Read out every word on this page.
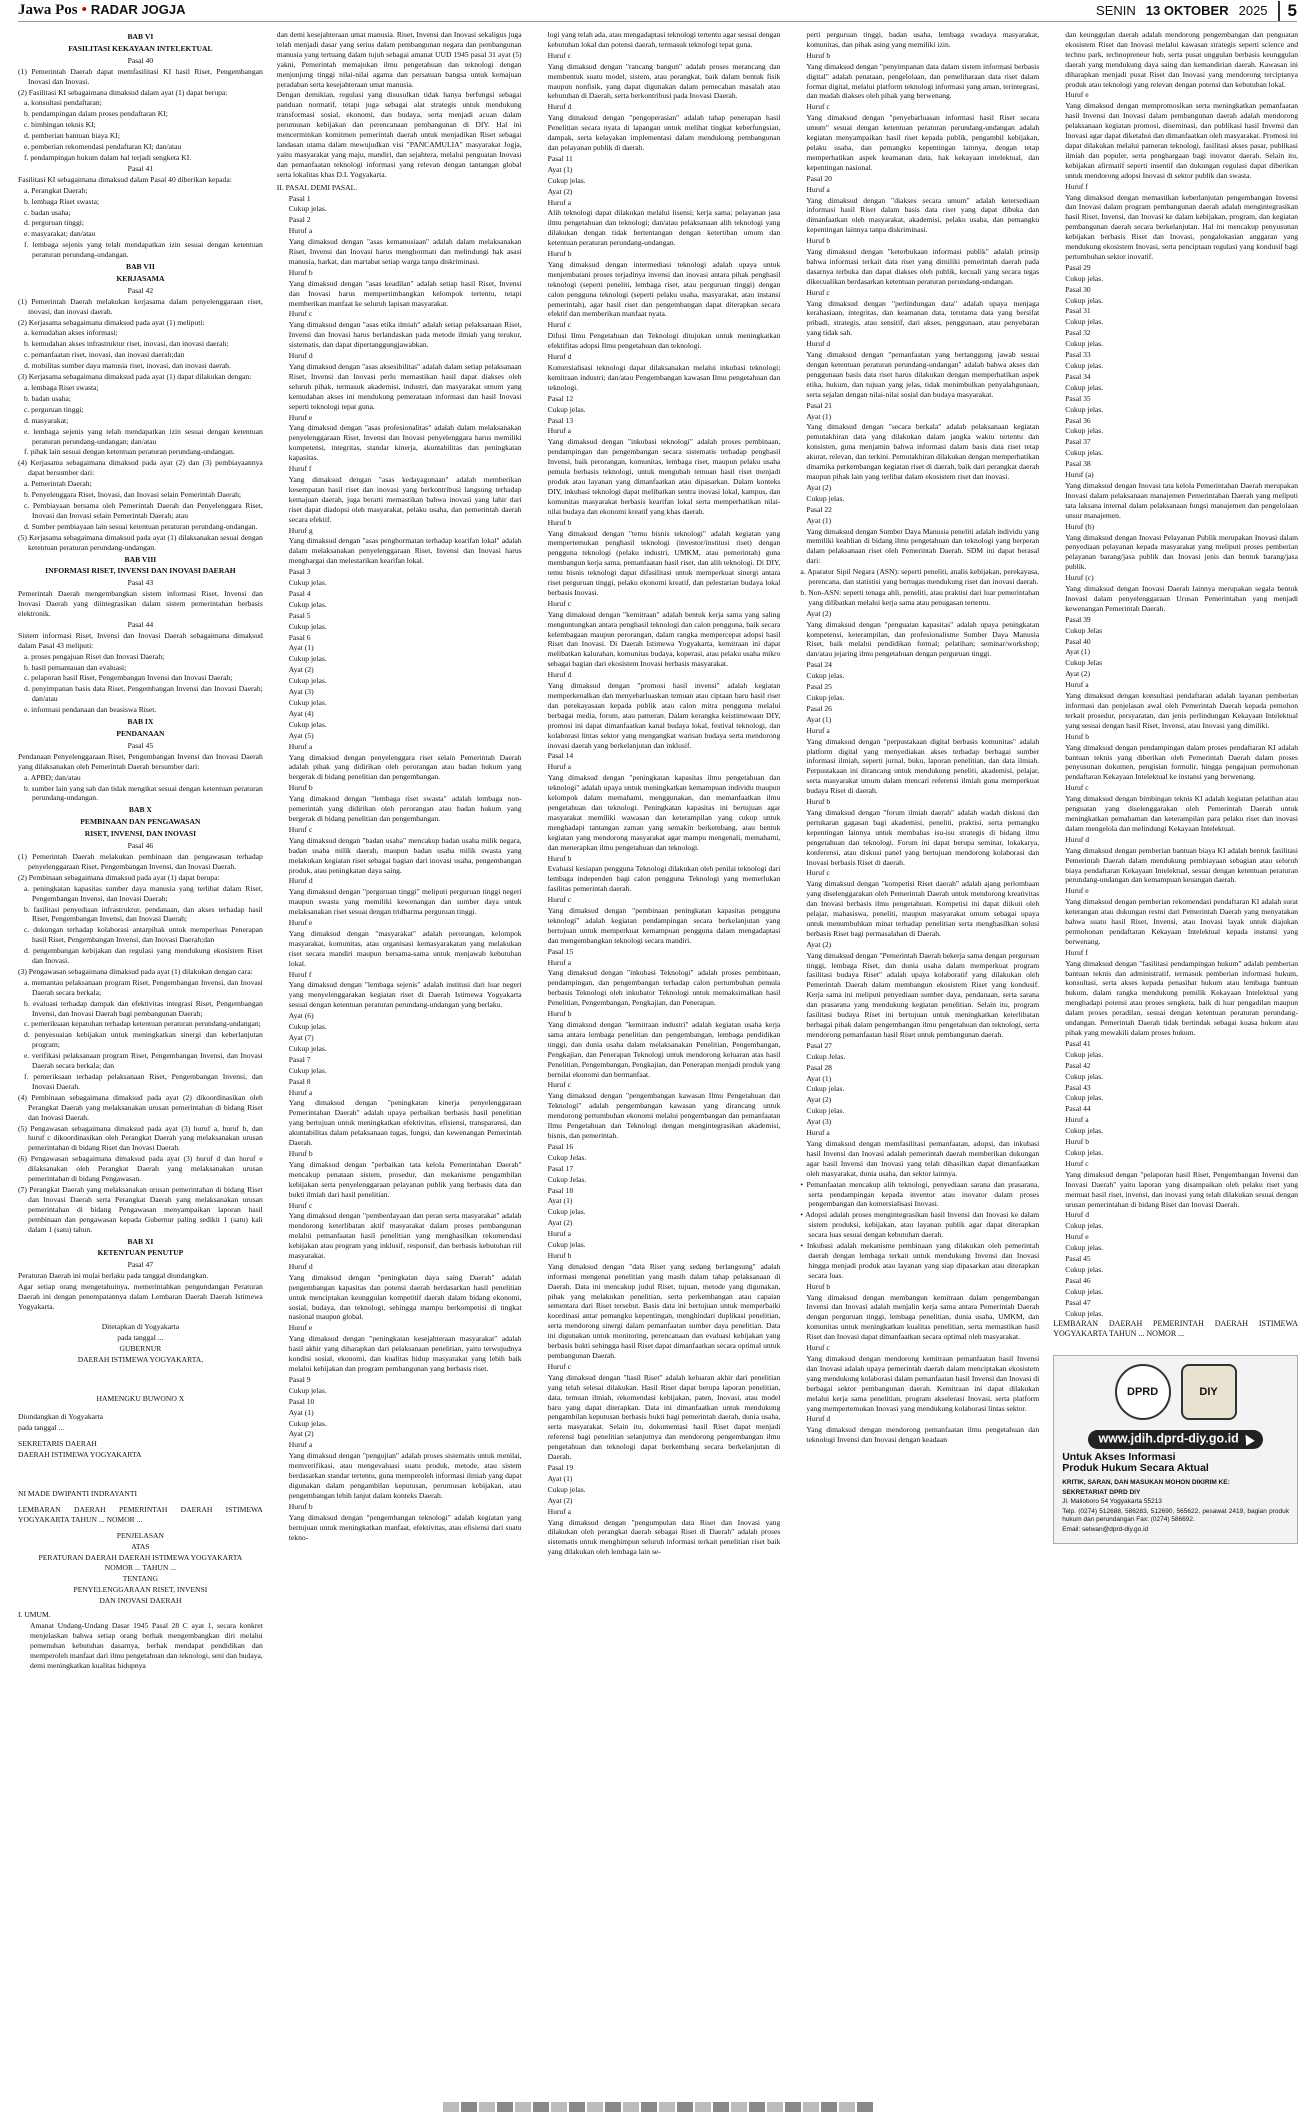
Jawa Pos • RADAR JOGJA	SENIN 13 OKTOBER 2025	5

BAB VI

FASILITASI KEKAYAAN INTELEKTUAL

Pasal 40

(1) Pemerintah Daerah dapat memfasilitasi KI hasil Riset, Pengembangan Inovasi dan Inovasi.

(2) Fasilitasi KI sebagaimana dimaksud dalam ayat (1) dapat berupa:

a. konsultasi pendaftaran;

b. pendampingan dalam proses pendaftaran KI;

c. bimbingan teknis KI;

d. pemberian bantuan biaya KI;

e. pemberian rekomendasi pendaftaran KI; dan/atau

f. pendampingan hukum dalam hal terjadi sengketa KI.

Pasal 41

Fasilitasi KI sebagaimana dimaksud dalam Pasal 40 diberikan kepada:

a. Perangkat Daerah;

b. lembaga Riset swasta;

c. badan usaha;

d. perguruan tinggi;

e. masyarakat; dan/atau

f. lembaga sejenis yang telah mendapatkan izin sesuai dengan ketentuan peraturan perundang-undangan.

BAB VII

KERJASAMA

Pasal 42

(1) Pemerintah Daerah melakukan kerjasama dalam penyelenggaraan riset, inovasi, dan inovasi daerah.

(2) Kerjasama sebagaimana dimaksud pada ayat (1) meliputi:

a. kemudahan akses informasi;

b. kemudahan akses infrastruktur riset, inovasi, dan inovasi daerah;

c. pemanfaatan riset, inovasi, dan inovasi daerah;dan

d. mobilitas sumber daya manusia riset, inovasi, dan inovasi daerah.

(3) Kerjasama sebagaimana dimaksud pada ayat (1) dapat dilakukan dengan:

a. lembaga Riset swasta;

b. badan usaha;

c. perguruan tinggi;

d. masyarakat;

e. lembaga sejenis yang telah mendapatkan izin sesuai dengan ketentuan peraturan perundang-undangan; dan/atau

f. pihak lain sesuai dengan ketentuan peraturan perundang-undangan.

(4) Kerjasama sebagaimana dimaksud pada ayat (2) dan (3) pembiayaannya dapat bersumber dari:

a. Pemerintah Daerah;

b. Penyelenggara Riset, Inovasi, dan Inovasi selain Pemerintah Daerah;

c. Pembiayaan bersama oleh Pemerintah Daerah dan Penyelenggara Riset, Inovasi dan Inovasi selain Pemerintah Daerah; atau

d. Sumber pembiayaan lain sesuai ketentuan peraturan perundang-undangan.

(5) Kerjasama sebagaimana dimaksud pada ayat (1) dilaksanakan sesuai dengan ketentuan peraturan perundang-undangan.

BAB VIII

INFORMASI RISET, INVENSI DAN INOVASI DAERAH

Pasal 43

Pemerintah Daerah mengembangkan sistem informasi Riset, Invensi dan Inovasi Daerah yang diintegrasikan dalam sistem pemerintahan berbasis elektronik.

Pasal 44

Sistem informasi Riset, Invensi dan Inovasi Daerah sebagaimana dimaksud dalam Pasal 43 meliputi:

a. proses pengajuan Riset dan Inovasi Daerah;

b. hasil pemantauan dan evaluasi;

c. pelaporan hasil Riset, Pengembangan Invensi dan Inovasi Daerah;

d. penyimpanan basis data Riset, Pengembangan Invensi dan Inovasi Daerah; dan/atau

e. informasi pendanaan dan beasiswa Riset.

BAB IX

PENDANAAN

Pasal 45

Pendanaan Penyelenggaraan Riset, Pengembangan Invensi dan Inovasi Daerah yang dilaksanakan oleh Pemerintah Daerah bersumber dari:

a. APBD; dan/atau

b. sumber lain yang sah dan tidak mengikat sesuai dengan ketentuan peraturan perundang-undangan.

BAB X

PEMBINAAN DAN PENGAWASAN

RISET, INVENSI, DAN INOVASI

Pasal 46

(1) Pemerintah Daerah melakukan pembinaan dan pengawasan terhadap penyelenggaraan Riset, Pengembangan Invensi, dan Inovasi Daerah.

(2) Pembinaan sebagaimana dimaksud pada ayat (1) dapat berupa:

a. peningkatan kapasitas sumber daya manusia yang terlibat dalam Riset, Pengembangan Invensi, dan Inovasi Daerah;

b. fasilitasi penyediaan infrastruktur, pendanaan, dan akses terhadap hasil Riset, Pengembangan Invensi, dan Inovasi Daerah;

c. dukungan terhadap kolaborasi antarpihak untuk memperluas Penerapan hasil Riset, Pengembangan Invensi, dan Inovasi Daerah;dan

d. pengembangan kebijakan dan regulasi yang mendukung ekosistem Riset dan Inovasi.

(3) Pengawasan sebagaimana dimaksud pada ayat (1) dilakukan dengan cara:

a. memantau pelaksanaan program Riset, Pengembangan Invensi, dan Inovasi Daerah secara berkala;

b. evaluasi terhadap dampak dan efektivitas integrasi Riset, Pengembangan Invensi, dan Inovasi Daerah bagi pembangunan Daerah;

c. pemeriksaan kepatuhan terhadap ketentuan peraturan perundang-undangan;

d. penyesuaian kebijakan untuk meningkatkan sinergi dan keberlanjutan program;

e. verifikasi pelaksanaan program Riset, Pengembangan Invensi, dan Inovasi Daerah secara berkala; dan

f. pemeriksaan terhadap pelaksanaan Riset, Pengembangan Invensi, dan Inovasi Daerah.

(4) Pembinaan sebagaimana dimaksud pada ayat (2) dikoordinasikan oleh Perangkat Daerah yang melaksanakan urusan pemerintahan di bidang Riset dan Inovasi Daerah.

(5) Pengawasan sebagaimana dimaksud pada ayat (3) huruf a, huruf b, dan huruf c dikoordinasikan oleh Perangkat Daerah yang melaksanakan urusan pemerintahan di bidang Riset dan Inovasi Daerah.

(6) Pengawasan sebagaimana dimaksud pada ayat (3) huruf d dan huruf e dilaksanakan oleh Perangkat Daerah yang melaksanakan urusan pemerintahan di bidang Pengawasan.

(7) Perangkat Daerah yang melaksanakan urusan pemerintahan di bidang Riset dan Inovasi Daerah serta Perangkat Daerah yang melaksanakan urusan pemerintahan di bidang Pengawasan menyampaikan laporan hasil pembinaan dan pengawasan kepada Gubernur paling sedikit 1 (satu) kali dalam 1 (satu) tahun.

BAB XI

KETENTUAN PENUTUP

Pasal 47

Peraturan Daerah ini mulai berlaku pada tanggal diundangkan.

Agar setiap orang mengetahuinya, memerintahkan pengundangan Peraturan Daerah ini dengan penempatannya dalam Lembaran Daerah Daerah Istimewa Yogyakarta.

Ditetapkan di Yogyakarta

pada tanggal ...

GUBERNUR

DAERAH ISTIMEWA YOGYAKARTA,

HAMENGKU BUWONO X

Diundangkan di Yogyakarta

pada tanggal ...

SEKRETARIS DAERAH

DAERAH ISTIMEWA YOGYAKARTA

NI MADE DWIPANTI INDRAYANTI

LEMBARAN DAERAH PEMERINTAH DAERAH ISTIMEWA YOGYAKARTA TAHUN ... NOMOR ...

PENJELASAN

ATAS

PERATURAN DAERAH DAERAH ISTIMEWA YOGYAKARTA

NOMOR ... TAHUN ...

TENTANG

PENYELENGGARAAN RISET, INVENSI

DAN INOVASI DAERAH

I. UMUM.

Amanat Undang-Undang Dasar 1945 Pasal 28 C ayat 1, secara konkret menjelaskan bahwa setiap orang berhak mengembangkan diri melalui pemenuhan kebutuhan dasarnya, berhak mendapat pendidikan dan memperoleh manfaat dari ilmu pengetahuan dan teknologi, seni dan budaya, demi meningkatkan kualitas hidupnya

dan demi kesejahteraan umat manusia. Riset, Invensi dan Inovasi sekaligus juga telah menjadi dasar yang serius dalam pembangunan negara dan pembangunan manusia yang tertuang dalam tujuh sebagai amanat UUD 1945 pasal 31 ayat (5) yakni, Pemerintah memajukan ilmu pengetahuan dan teknologi dengan menjunjung tinggi nilai-nilai agama dan persatuan bangsa untuk kemajuan peradaban serta kesejahteraan umat manusia.

Dengan demikian, regulasi yang disusulkan tidak hanya berfungsi sebagai panduan normatif, tetapi juga sebagai alat strategis untuk mendukung transformasi sosial, ekonomi, dan budaya, serta menjadi acuan dalam perumusan kebijakan dan perencanaan pembangunan di DIY. Hal ini mencerminkan komitmen pemerintah daerah untuk menjadikan Riset sebagai landasan utama dalam mewujudkan visi "PANCAMULIA" masyarakat Jogja, yaitu masyarakat yang maju, mandiri, dan sejahtera, melalui penguatan Inovasi dan pemanfaatan teknologi informasi yang relevan dengan tantangan global serta lokalitas khas D.I. Yogyakarta.

II. PASAL DEMI PASAL.

Pasal 1

Cukup jelas.

Pasal 2

Huruf a

Yang dimaksud dengan "asas kemanusiaan" adalah dalam melaksanakan Riset, Invensi dan Inovasi harus menghormati dan melindungi hak asasi manusia, harkat, dan martabat setiap warga tanpa diskriminasi.

Huruf b

Yang dimaksud dengan "asas keadilan" adalah setiap hasil Riset, Invensi dan Inovasi harus mempertimbangkan kelompok tertentu, tetapi memberikan manfaat ke seluruh lapisan masyarakat.

Huruf c

Yang dimaksud dengan "asas etika ilmiah" adalah setiap pelaksanaan Riset, Invensi dan Inovasi harus berlandaskan pada metode ilmiah yang terukur, sistematis, dan dapat dipertanggungjawabkan.

Huruf d

Yang dimaksud dengan "asas aksesibilitas" adalah dalam setiap pelaksanaan Riset, Invensi dan Inovasi perlu memastikan hasil dapat diakses oleh seluruh pihak, termasuk akademisi, industri, dan masyarakat umum yang kemudahan akses ini mendukung pemerataan informasi dan hasil Inovasi seperti teknologi tepat guna.

Huruf e

Yang dimaksud dengan "asas profesionalitas" adalah dalam melaksanakan penyelenggaraan Riset, Invensi dan Inovasi penyelenggara harus memiliki kompetensi, integritas, standar kinerja, akuntabilitas dan peningkatan kapasitas.

Huruf f

Yang dimaksud dengan "asas kedayagunaan" adalah memberikan kesempatan hasil riset dan inovasi yang berkontribusi langsung terhadap kemajuan daerah, juga berarti memastikan bahwa inovasi yang lahir dari riset dapat diadopsi oleh masyarakat, pelaku usaha, dan pemerintah daerah secara efektif.

Huruf g

Yang dimaksud dengan "asas penghormatan terhadap kearifan lokal" adalah dalam melaksanakan penyelenggaraan Riset, Invensi dan Inovasi harus menghargai dan melestarikan kearifan lokal.

Pasal 3

Cukup jelas.

Pasal 4

Cukup jelas.

Pasal 5

Cukup jelas.

Pasal 6

Ayat (1)

Cukup jelas.

Ayat (2)

Cukup jelas.

Ayat (3)

Cukup jelas.

Ayat (4)

Cukup jelas.

Ayat (5)

Huruf a

Yang dimaksud dengan penyelenggara riset selain Pemerintah Daerah adalah pihak yang didirikan oleh perorangan atau badan hukum yang bergerak di bidang penelitian dan pengembangan.

Huruf b

Yang dimaksud dengan "lembaga riset swasta" adalah lembaga non-pemerintah yang didirikan oleh perorangan atau badan hukum yang bergerak di bidang penelitian dan pengembangan.

Huruf c

Yang dimaksud dengan "badan usaha" mencakup badan usaha milik negara, badan usaha milik daerah, maupun badan usaha milik swasta yang melakukan kegiatan riset sebagai bagian dari inovasi usaha, pengembangan produk, atau peningkatan daya saing.

Huruf d

Yang dimaksud dengan "perguruan tinggi" meliputi perguruan tinggi negeri maupun swasta yang memiliki kewenangan dan sumber daya untuk melaksanakan riset sesuai dengan tridharma perguruan tinggi.

Huruf e

Yang dimaksud dengan "masyarakat" adalah perorangan, kelompok masyarakat, komunitas, atau organisasi kemasyarakatan yang melakukan riset secara mandiri maupun bersama-sama untuk menjawab kebutuhan lokal.

Huruf f

Yang dimaksud dengan "lembaga sejenis" adalah institusi dari luar negeri yang menyelenggarakan kegiatan riset di Daerah Istimewa Yogyakarta sesuai dengan ketentuan peraturan perundang-undangan yang berlaku.

Ayat (6)

Cukup jelas.

Ayat (7)

Cukup jelas.

Pasal 7

Cukup jelas.

Pasal 8

Huruf a

Yang dimaksud dengan "peningkatan kinerja penyelenggaraan Pemerintahan Daerah" adalah upaya perbaikan berbasis hasil penelitian yang bertujuan untuk meningkatkan efektivitas, efisiensi, transparansi, dan akuntabilitas dalam pelaksanaan tugas, fungsi, dan kewenangan Pemerintah Daerah.

Huruf b

Yang dimaksud dengan "perbaikan tata kelola Pemerintahan Daerah" mencakup penataan sistem, prosedur, dan mekanisme pengambilan kebijakan serta penyelenggaraan pelayanan publik yang berbasis data dan bukti ilmiah dari hasil penelitian.

Huruf c

Yang dimaksud dengan "pemberdayaan dan peran serta masyarakat" adalah mendorong keterlibatan aktif masyarakat dalam proses pembangunan melalui pemanfaatan hasil penelitian yang menghasilkan rekomendasi kebijakan atau program yang inklusif, responsif, dan berbasis kebutuhan riil masyarakat.

Huruf d

Yang dimaksud dengan "peningkatan daya saing Daerah" adalah pengembangan kapasitas dan potensi daerah berdasarkan hasil penelitian untuk menciptakan keunggulan kompetitif daerah dalam bidang ekonomi, sosial, budaya, dan teknologi, sehingga mampu berkompetisi di tingkat nasional maupun global.

Huruf e

Yang dimaksud dengan "peningkatan kesejahteraan masyarakat" adalah hasil akhir yang diharapkan dari pelaksanaan penelitian, yaitu terwujudnya kondisi sosial, ekonomi, dan kualitas hidup masyarakat yang lebih baik melalui kebijakan dan program pembangunan yang berbasis riset.

Pasal 9

Cukup jelas.

Pasal 10

Ayat (1)

Cukup jelas.

Ayat (2)

Huruf a

Yang dimaksud dengan "pengujian" adalah proses sistematis untuk menilai, memverifikasi, atau mengevaluasi suatu produk, metode, atau sistem berdasarkan standar tertentu, guna memperoleh informasi ilmiah yang dapat digunakan dalam pengambilan keputusan, perumusan kebijakan, atau pengembangan lebih lanjut dalam konteks Daerah.

Huruf b

Yang dimaksud dengan "pengembangan teknologi" adalah kegiatan yang bertujuan untuk meningkatkan manfaat, efektivitas, atau efisiensi dari suatu tekno-

logi yang telah ada, atau mengadaptasi teknologi tertentu agar sesuai dengan kebutuhan lokal dan potensi daerah, termasuk teknologi tepat guna.

Huruf c

Yang dimaksud dengan "rancang bangun" adalah proses merancang dan membentuk suatu model, sistem, atau perangkat, baik dalam bentuk fisik maupun nonfisik, yang dapat digunakan dalam pemecahan masalah atau kebutuhan di Daerah, serta berkontribusi pada Inovasi Daerah.

Huruf d

Yang dimaksud dengan "pengoperasian" adalah tahap penerapan hasil Penelitian secara nyata di lapangan untuk melihat tingkat keberfungsian, dampak, serta kelayakan implementasi dalam mendukung pembangunan dan pelayanan publik di daerah.

Pasal 11

Ayat (1)

Cukup jelas.

Ayat (2)

Huruf a

Alih teknologi dapat dilakukan melalui lisensi; kerja sama; pelayanan jasa ilmu pengetahuan dan teknologi; dan/atau pelaksanaan alih teknologi yang dilakukan dengan tidak bertentangan dengan ketertiban umum dan ketentuan peraturan perundang-undangan.

Huruf b

Yang dimaksud dengan intermediasi teknologi adalah upaya untuk menjembatani proses terjadinya invensi dan inovasi antara pihak penghasil teknologi (seperti peneliti, lembaga riset, atau perguruan tinggi) dengan calon pengguna teknologi (seperti pelaku usaha, masyarakat, atau instansi pemerintah), agar hasil riset dan pengembangan dapat diterapkan secara efektif dan memberikan manfaat nyata.

Huruf c

Difusi Ilmu Pengetahuan dan Teknologi ditujukan untuk meningkatkan efektifitas adopsi Ilmu pengetahuan dan teknologi.

Huruf d

Komersialisasi teknologi dapat dilaksanakan melalui inkubasi teknologi; kemitraan industri; dan/atau Pengembangan kawasan Ilmu pengetahuan dan teknologi.

Pasal 12

Cukup jelas.

Pasal 13

Huruf a

Yang dimaksud dengan "inkubasi teknologi" adalah proses pembinaan, pendampingan dan pengembangan secara sistematis terhadap penghasil Invensi, baik perorangan, komunitas, lembaga riset, maupun pelaku usaha pemula berbasis teknologi, untuk mengubah temuan hasil riset menjadi produk atau layanan yang dimanfaatkan atau dipasarkan. Dalam konteks DIY, inkubasi teknologi dapat melibatkan sentra inovasi lokal, kampus, dan komunitas masyarakat berbasis kearifan lokal serta memperhatikan nilai-nilai budaya dan ekonomi kreatif yang khas daerah.

Huruf b

Yang dimaksud dengan "temu bisnis teknologi" adalah kegiatan yang mempertemukan penghasil teknologi (investor/institusi riset) dengan pengguna teknologi (pelaku industri, UMKM, atau pemerintah) guna membangun kerja sama, pemanfaatan hasil riset, dan alih teknologi. Di DIY, temu bisnis teknologi dapat difasilitasi untuk memperkuat sinergi antara riset perguruan tinggi, pelaku ekonomi kreatif, dan pelestarian budaya lokal berbasis Inovasi.

Huruf c

Yang dimaksud dengan "kemitraan" adalah bentuk kerja sama yang saling menguntungkan antara penghasil teknologi dan calon pengguna, baik secara kelembagaan maupun perorangan, dalam rangka mempercepat adopsi hasil Riset dan Inovasi. Di Daerah Istimewa Yogyakarta, kemitraan ini dapat melibatkan kalurahan, komunitas budaya, koperasi, atau pelaku usaha mikro sebagai bagian dari ekosistem Inovasi berbasis masyarakat.

Huruf d

Yang dimaksud dengan "promosi hasil invensi" adalah kegiatan memperkenalkan dan menyebarluaskan temuan atau ciptaan baru hasil riset dan perekayasaan kepada publik atau calon mitra pengguna melalui berbagai media, forum, atau pameran. Dalam kerangka keistimewaan DIY, promosi ini dapat dimanfaatkan kanal budaya lokal, festival teknologi, dan kolaborasi lintas sektor yang mengangkat warisan budaya serta mendorong inovasi daerah yang berkelanjutan dan inklusif.

Pasal 14

Huruf a

Yang dimaksud dengan "peningkatan kapasitas ilmu pengetahuan dan teknologi" adalah upaya untuk meningkatkan kemampuan individu maupun kelompok dalam memahami, menggunakan, dan memanfaatkan ilmu pengetahuan dan teknologi. Peningkatan kapasitas ini bertujuan agar masyarakat memiliki wawasan dan keterampilan yang cukup untuk menghadapi tantangan zaman yang semakin berkembang, atau bentuk kegiatan yang mendorong masyarakat agar mampu mengenali, memahami, dan menerapkan ilmu pengetahuan dan teknologi.

Huruf b

Evaluasi kesiapan pengguna Teknologi dilakukan oleh penilai teknologi dari lembaga independen bagi calon pengguna Teknologi yang memerlukan fasilitas pemerintah daerah.

Huruf c

Yang dimaksud dengan "pembinaan peningkatan kapasitas pengguna teknologi" adalah kegiatan pendampingan secara berkelanjutan yang bertujuan untuk memperkuat kemampuan pengguna dalam mengadaptasi dan mengembangkan teknologi secara mandiri.

Pasal 15

Huruf a

Yang dimaksud dengan "inkubasi Teknologi" adalah proses pembinaan, pendampingan, dan pengembangan terhadap calon pertumbuhan pemula berbasis Teknologi oleh inkubator Teknologi untuk memaksimalkan hasil Penelitian, Pengembangan, Pengkajian, dan Penerapan.

Huruf b

Yang dimaksud dengan "kemitraan industri" adalah kegiatan usaha kerja sama antara lembaga penelitian dan pengembangan, lembaga pendidikan tinggi, dan dunia usaha dalam melaksanakan Penelitian, Pengembangan, Pengkajian, dan Penerapan Teknologi untuk mendorong keluaran atas hasil Penelitian, Pengembangan, Pengkajian, dan Penerapan menjadi produk yang bernilai ekonomi dan bermanfaat.

Huruf c

Yang dimaksud dengan "pengembangan kawasan Ilmu Pengetahuan dan Teknologi" adalah pengembangan kawasan yang dirancang untuk mendorong pertumbuhan ekonomi melalui pengembangan dan pemanfaatan Ilmu Pengetahuan dan Teknologi dengan mengintegrasikan akademisi, bisnis, dan pemerintah.

Pasal 16

Cukup Jelas.

Pasal 17

Cukup Jelas.

Pasal 18

Ayat (1)

Cukup jelas.

Ayat (2)

Huruf a

Cukup jelas.

Huruf b

Yang dimaksud dengan "data Riset yang sedang berlangsung" adalah informasi mengenai penelitian yang masih dalam tahap pelaksanaan di Daerah. Data ini mencakup judul Riset, tujuan, metode yang digunakan, pihak yang melakukan penelitian, serta perkembangan atau capaian sementara dari Riset tersebut. Basis data ini bertujuan untuk memperbaiki koordinasi antar pemangku kepentingan, menghindari duplikasi penelitian, serta mendorong sinergi dalam pemanfaatan sumber daya penelitian. Data ini digunakan untuk monitoring, perencanaan dan evaluasi kebijakan yang berbasis bukti sehingga hasil Riset dapat dimanfaatkan secara optimal untuk pembangunan Daerah.

Huruf c

Yang dimaksud dengan "hasil Riset" adalah keluaran akhir dari penelitian yang telah selesai dilakukan. Hasil Riset dapat berupa laporan penelitian, data, temuan ilmiah, rekomendasi kebijakan, paten, Inovasi, atau model baru yang dapat diterapkan. Data ini dimanfaatkan untuk mendukung pengambilan keputusan berbasis bukti bagi pemerintah daerah, dunia usaha, serta masyarakat. Selain itu, dokumentasi hasil Riset dapat menjadi referensi bagi penelitian selanjutnya dan mendorong pengembangan ilmu pengetahuan dan teknologi dapat berkembang secara berkelanjutan di Daerah.

Pasal 19

Ayat (1)

Cukup jelas.

Ayat (2)

Huruf a

Yang dimaksud dengan "pengumpulan data Riset dan Inovasi yang dilakukan oleh perangkat daerah sebagai Riset di Daerah" adalah proses sistematis untuk menghimpun seluruh informasi terkait penelitian riset baik yang dilakukan oleh lembaga lain se-

perti perguruan tinggi, badan usaha, lembaga swadaya masyarakat, komunitas, dan pihak asing yang memiliki izin.

Huruf b

Yang dimaksud dengan "penyimpanan data dalam sistem informasi berbasis digital" adalah penataan, pengelolaan, dan pemeliharaan data riset dalam format digital, melalui platform teknologi informasi yang aman, terintegrasi, dan mudah diakses oleh pihak yang berwenang.

Huruf c

Yang dimaksud dengan "penyebarluasan informasi hasil Riset secara umum" sesuai dengan ketentuan peraturan perundang-undangan adalah kegiatan menyampaikan hasil riset kepada publik, pengambil kebijakan, pelaku usaha, dan pemangku kepentingan lainnya, dengan tetap memperhatikan aspek keamanan data, hak kekayaan intelektual, dan kepentingan nasional.

Pasal 20

Huruf a

Yang dimaksud dengan "diakses secara umum" adalah ketersediaan informasi hasil Riset dalam basis data riset yang dapat dibuka dan dimanfaatkan oleh masyarakat, akademisi, pelaku usaha, dan pemangku kepentingan lainnya tanpa diskriminasi.

Huruf b

Yang dimaksud dengan "keterbukaan informasi publik" adalah prinsip bahwa informasi terkait data riset yang dimiliki pemerintah daerah pada dasarnya terbuka dan dapat diakses oleh publik, kecuali yang secara tegas dikecualikan berdasarkan ketentuan peraturan perundang-undangan.

Huruf c

Yang dimaksud dengan "perlindungan data" adalah upaya menjaga kerahasiaan, integritas, dan keamanan data, terutama data yang bersifat pribadi, strategis, atau sensitif, dari akses, penggunaan, atau penyebaran yang tidak sah.

Huruf d

Yang dimaksud dengan "pemanfaatan yang bertanggung jawab sesuai dengan ketentuan peraturan perundang-undangan" adalah bahwa akses dan penggunaan basis data riset harus dilakukan dengan memperhatikan aspek etika, hukum, dan tujuan yang jelas, tidak menimbulkan penyalahgunaan, serta sejalan dengan nilai-nilai sosial dan budaya masyarakat.

Pasal 21

Ayat (1)

Yang dimaksud dengan "secara berkala" adalah pelaksanaan kegiatan pemutakhiran data yang dilakukan dalam jangka waktu tertentu dan konsisten, guna menjamin bahwa informasi dalam basis data riset tetap akurat, relevan, dan terkini. Pemutakhiran dilakukan dengan memperhatikan dinamika perkembangan kegiatan riset di daerah, baik dari perangkat daerah maupun pihak lain yang terlibat dalam ekosistem riset dan inovasi.

Ayat (2)

Cukup jelas.

Pasal 22

Ayat (1)

Yang dimaksud dengan Sumber Daya Manusia peneliti adalah individu yang memiliki keahlian di bidang ilmu pengetahuan dan teknologi yang berperan dalam pelaksanaan riset oleh Pemerintah Daerah. SDM ini dapat berasal dari:

a. Aparatur Sipil Negara (ASN): seperti peneliti, analis kebijakan, perekayasa, perencana, dan statistisi yang bertugas mendukung riset dan inovasi daerah.

b. Non-ASN: seperti tenaga ahli, peneliti, atau praktisi dari luar pemerintahan yang dilibatkan melalui kerja sama atau penugasan tertentu.

Ayat (2)

Yang dimaksud dengan "penguatan kapasitas" adalah upaya peningkatan kompetensi, keterampilan, dan profesionalisme Sumber Daya Manusia Riset, baik melalui pendidikan formal; pelatihan; seminar/workshop; dan/atau jejaring ilmu pengetahuan dengan perguruan tinggi.

Pasal 24

Cukup jelas.

Pasal 25

Cukup jelas.

Pasal 26

Ayat (1)

Huruf a

Yang dimaksud dengan "perpustakaan digital berbasis komunitas" adalah platform digital yang menyediakan akses terhadap berbagai sumber informasi ilmiah, seperti jurnal, buku, laporan penelitian, dan data ilmiah. Perpustakaan ini dirancang untuk mendukung peneliti, akademisi, pelajar, serta masyarakat umum dalam mencari referensi ilmiah guna memperkuat budaya Riset di daerah.

Huruf b

Yang dimaksud dengan "forum ilmiah daerah" adalah wadah diskusi dan pertukaran gagasan bagi akademisi, peneliti, praktisi, serta pemangku kepentingan lainnya untuk membahas isu-isu strategis di bidang ilmu pengetahuan dan teknologi. Forum ini dapat berupa seminar, lokakarya, konferensi, atau diskusi panel yang bertujuan mendorong kolaborasi dan Inovasi berbasis Riset di daerah.

Huruf c

Yang dimaksud dengan "kompetisi Riset daerah" adalah ajang perlombaan yang diselenggarakan oleh Pemerintah Daerah untuk mendorong kreativitas dan Inovasi berbasis ilmu pengetahuan. Kompetisi ini dapat diikuti oleh pelajar, mahasiswa, peneliti, maupun masyarakat umum sebagai upaya untuk menumbuhkan minat terhadap penelitian serta menghasilkan solusi berbasis Riset bagi permasalahan di Daerah.

Ayat (2)

Yang dimaksud dengan "Pemerintah Daerah bekerja sama dengan perguruan tinggi, lembaga Riset, dan dunia usaha dalam memperkuat program fasilitasi budaya Riset" adalah upaya kolaboratif yang dilakukan oleh Pemerintah Daerah dalam membangun ekosistem Riset yang kondusif. Kerja sama ini meliputi penyediaan sumber daya, pendanaan, serta sarana dan prasarana yang mendukung kegiatan penelitian. Selain itu, program fasilitasi budaya Riset ini bertujuan untuk meningkatkan keterlibatan berbagai pihak dalam pengembangan ilmu pengetahuan dan teknologi, serta mendorong pemanfaatan hasil Riset untuk pembangunan daerah.

Pasal 27

Cukup Jelas.

Pasal 28

Ayat (1)

Cukup jelas.

Ayat (2)

Cukup jelas.

Ayat (3)

Huruf a

Yang dimaksud dengan memfasilitasi pemanfaatan, adopsi, dan inkubasi hasil Invensi dan Inovasi adalah pemerintah daerah memberikan dukungan agar hasil Invensi dan Inovasi yang telah dihasilkan dapat dimanfaatkan oleh masyarakat, dunia usaha, dan sektor lainnya.

• Pemanfaatan mencakup alih teknologi, penyediaan sarana dan prasarana, serta pendampingan kepada inventor atau inovator dalam proses pengembangan dan komersialisasi Inovasi.

• Adopsi adalah proses mengintegrasikan hasil Invensi dan Inovasi ke dalam sistem produksi, kebijakan, atau layanan publik agar dapat diterapkan secara luas sesuai dengan kebutuhan daerah.

• Inkubasi adalah mekanisme pembinaan yang dilakukan oleh pemerintah daerah dengan lembaga terkait untuk mendukung Invensi dan Inovasi hingga menjadi produk atau layanan yang siap dipasarkan atau diterapkan secara luas.

Huruf b

Yang dimaksud dengan membangun kemitraan dalam pengembangan Invensi dan Inovasi adalah menjalin kerja sama antara Pemerintah Daerah dengan perguruan tinggi, lembaga penelitian, dunia usaha, UMKM, dan komunitas untuk meningkatkan kualitas penelitian, serta memastikan hasil Riset dan Inovasi dapat dimanfaatkan secara optimal oleh masyarakat.

Huruf c

Yang dimaksud dengan mendorong kemitraan pemanfaatan hasil Invensi dan Inovasi adalah upaya pemerintah daerah dalam menciptakan ekosistem yang mendukung kolaborasi dalam pemanfaatan hasil Invensi dan Inovasi di berbagai sektor pembangunan daerah. Kemitraan ini dapat dilakukan melalui kerja sama penelitian, program akselerasi Inovasi, serta platform yang mempertemukan Inovasi yang mendukung kolaborasi lintas sektor.

Huruf d

Yang dimaksud dengan mendorong pemanfaatan ilmu pengetahuan dan teknologi Invensi dan Inovasi dengan keadaan

dan keunggulan daerah adalah mendorong pengembangan dan penguatan ekosistem Riset dan Inovasi melalui kawasan strategis seperti science and techno park, technopreneur hub, serta pusat unggulan berbasis keunggulan daerah yang mendukung daya saing dan kemandirian daerah. Kawasan ini diharapkan menjadi pusat Riset dan Inovasi yang mendorong terciptanya produk atau teknologi yang relevan dengan potensi dan kebutuhan lokal.

Huruf e

Yang dimaksud dengan mempromosikan serta meningkatkan pemanfaatan hasil Invensi dan Inovasi dalam pembangunan daerah adalah mendorong pelaksanaan kegiatan promosi, diseminasi, dan publikasi hasil Invensi dan Inovasi agar dapat diketahui dan dimanfaatkan oleh masyarakat. Promosi ini dapat dilakukan melalui pameran teknologi, fasilitasi akses pasar, publikasi ilmiah dan populer, serta penghargaan bagi inovator daerah. Selain itu, kebijakan afirmatif seperti insentif dan dukungan regulasi dapat diberikan untuk mendorong adopsi Inovasi di sektor publik dan swasta.

Huruf f

Yang dimaksud dengan memastikan keberlanjutan pengembangan Invensi dan Inovasi dalam program pembangunan daerah adalah mengintegrasikan hasil Riset, Invensi, dan Inovasi ke dalam kebijakan, program, dan kegiatan pembangunan daerah secara berkelanjutan. Hal ini mencakup penyusunan kebijakan berbasis Riset dan Inovasi, pengalokasian anggaran yang mendukung ekosistem Inovasi, serta penciptaan regulasi yang kondusif bagi pertumbuhan sektor inovatif.

Pasal 29

Cukup jelas.

Pasal 30

Cukup jelas.

Pasal 31

Cukup jelas.

Pasal 32

Cukup jelas.

Pasal 33

Cukup jelas.

Pasal 34

Cukup jelas.

Pasal 35

Cukup jelas.

Pasal 36

Cukup jelas.

Pasal 37

Cukup jelas.

Pasal 38

Huruf (a)

Yang dimaksud dengan Inovasi tata kelola Pemerintahan Daerah merupakan Inovasi dalam pelaksanaan manajemen Pemerintahan Daerah yang meliputi tata laksana internal dalam pelaksanaan fungsi manajemen dan pengelolaan unsur manajemen.

Huruf (b)

Yang dimaksud dengan Inovasi Pelayanan Publik merupakan Inovasi dalam penyediaan pelayanan kepada masyarakat yang meliputi proses pemberian pelayanan barang/jasa publik dan Inovasi jenis dan bentuk barang/jasa publik.

Huruf (c)

Yang dimaksud dengan Inovasi Daerah lainnya merupakan segala bentuk Inovasi dalam penyelenggaraan Urusan Pemerintahan yang menjadi kewenangan Pemerintah Daerah.

Pasal 39

Cukup Jelas

Pasal 40

Ayat (1)

Cukup Jelas

Ayat (2)

Huruf a

Yang dimaksud dengan konsultasi pendaftaran adalah layanan pemberian informasi dan penjelasan awal oleh Pemerintah Daerah kepada pemohon terkait prosedur, persyaratan, dan jenis perlindungan Kekayaan Intelektual yang sesuai dengan hasil Riset, Invensi, atau Inovasi yang dimiliki.

Huruf b

Yang dimaksud dengan pendampingan dalam proses pendaftaran KI adalah bantuan teknis yang diberikan oleh Pemerintah Daerah dalam proses penyusunan dokumen, pengisian formulir, hingga pengajuan permohonan pendaftaran Kekayaan Intelektual ke instansi yang berwenang.

Huruf c

Yang dimaksud dengan bimbingan teknis KI adalah kegiatan pelatihan atau penguatan yang diselenggarakan oleh Pemerintah Daerah untuk meningkatkan pemahaman dan keterampilan para pelaku riset dan inovasi dalam mengelola dan melindungi Kekayaan Intelektual.

Huruf d

Yang dimaksud dengan pemberian bantuan biaya KI adalah bentuk fasilitasi Pemerintah Daerah dalam mendukung pembiayaan sebagian atau seluruh biaya pendaftaran Kekayaan Intelektual, sesuai dengan ketentuan peraturan perundang-undangan dan kemampuan keuangan daerah.

Huruf e

Yang dimaksud dengan pemberian rekomendasi pendaftaran KI adalah surat keterangan atau dukungan resmi dari Pemerintah Daerah yang menyatakan bahwa suatu hasil Riset, Invensi, atau Inovasi layak untuk diajukan permohonan pendaftaran Kekayaan Intelektual kepada instansi yang berwenang.

Huruf f

Yang dimaksud dengan "fasilitasi pendampingan hukum" adalah pemberian bantuan teknis dan administratif, termasuk pemberian informasi hukum, konsultasi, serta akses kepada penasihat hukum atau lembaga bantuan hukum, dalam rangka mendukung pemilik Kekayaan Intelektual yang menghadapi potensi atau proses sengketa, baik di luar pengadilan maupun dalam proses peradilan, sesuai dengan ketentuan peraturan perundang-undangan. Pemerintah Daerah tidak bertindak sebagai kuasa hukum atau pihak yang mewakili dalam proses hukum.

Pasal 41

Cukup jelas.

Pasal 42

Cukup jelas.

Pasal 43

Cukup jelas.

Pasal 44

Huruf a

Cukup jelas.

Huruf b

Cukup jelas.

Huruf c

Yang dimaksud dengan "pelaporan hasil Riset, Pengembangan Invensi dan Inovasi Daerah" yaitu laporan yang disampaikan oleh pelaku riset yang memuat hasil riset, invensi, dan inovasi yang telah dilakukan sesuai dengan urusan pemerintahan di bidang Riset dan Inovasi Daerah.

Huruf d

Cukup jelas.

Huruf e

Cukup jelas.

Pasal 45

Cukup jelas.

Pasal 46

Cukup jelas.

Pasal 47

Cukup jelas.

LEMBARAN DAERAH PEMERINTAH DAERAH ISTIMEWA YOGYAKARTA TAHUN ... NOMOR ...

DPRD	DIY
www.jdih.dprd-diy.go.id

Untuk Akses Informasi

Produk Hukum Secara Aktual

KRITIK, SARAN, DAN MASUKAN MOHON DIKIRIM KE:

SEKRETARIAT DPRD DIY

Jl. Malioboro 54 Yogyakarta 55213

Telp. (0274) 512688, 586283, 512690, 565622, pesawat 2419, bagian produk hukum dan perundangan Fax: (0274) 586692.

Email: setwan@dprd-diy.go.id
